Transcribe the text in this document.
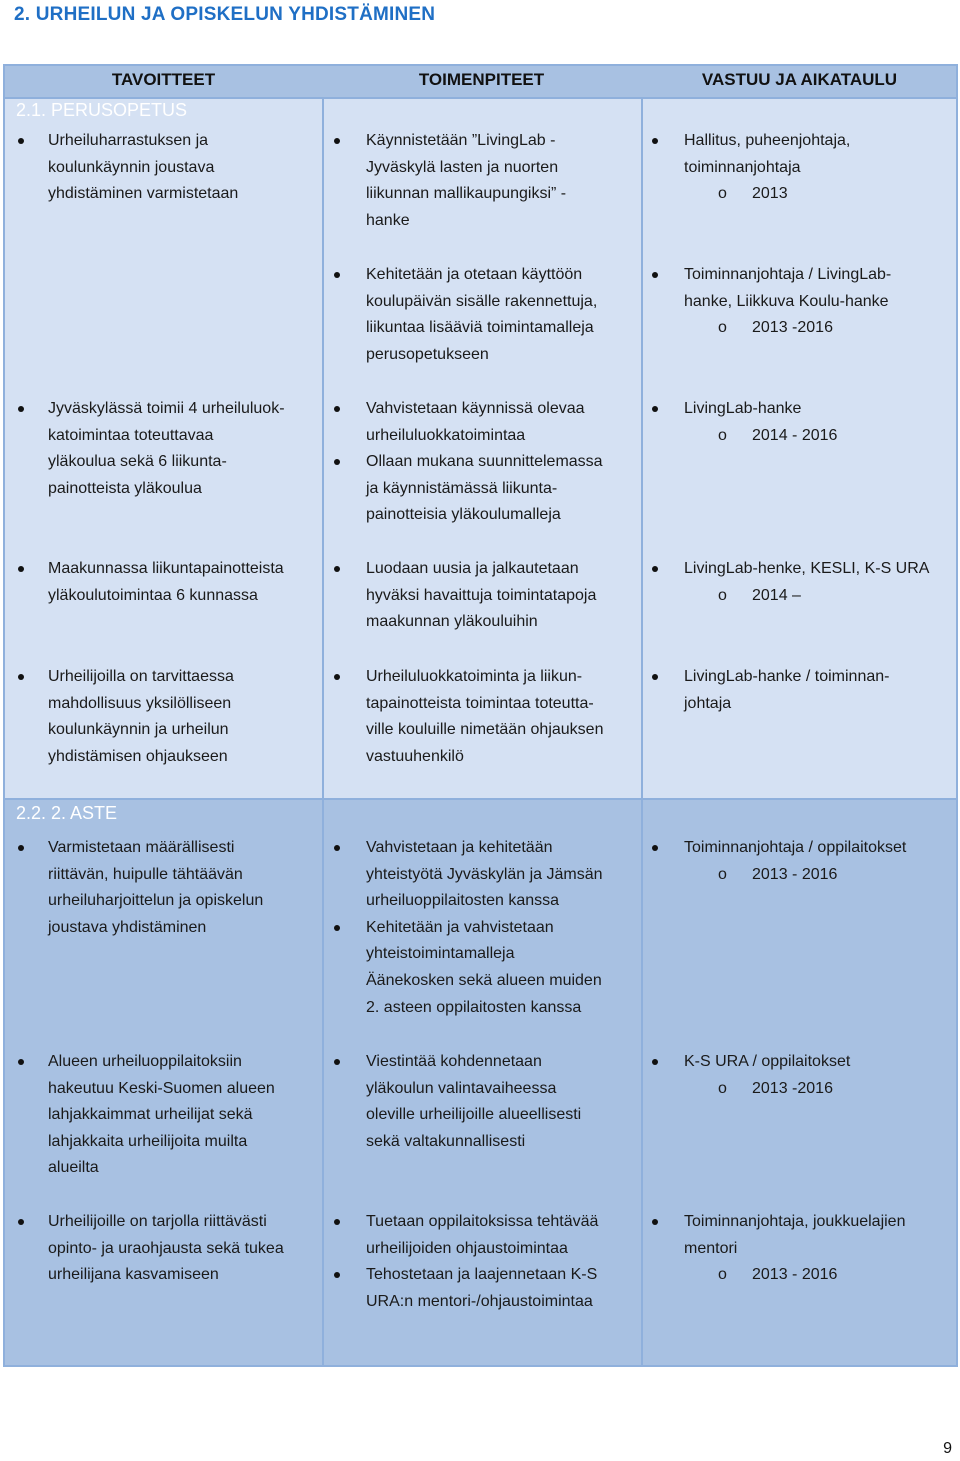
2. URHEILUN JA OPISKELUN YHDISTÄMINEN
TAVOITTEET	TOIMENPITEET	VASTUU JA AIKATAULU
2.1. PERUSOPETUS
2.2. 2. ASTE
Urheiluharrastuksen ja
koulunkäynnin joustava
yhdistäminen varmistetaan
Käynnistetään ”LivingLab -
Jyväskylä lasten ja nuorten
liikunnan mallikaupungiksi” -
hanke
Hallitus, puheenjohtaja,
toiminnanjohtaja
o 2013
Kehitetään ja otetaan käyttöön
koulupäivän sisälle rakennettuja,
liikuntaa lisääviä toimintamalleja
perusopetukseen
Toiminnanjohtaja / LivingLab-
hanke, Liikkuva Koulu-hanke
o 2013 -2016
Jyväskylässä toimii 4 urheiluluok-
katoimintaa toteuttavaa
yläkoulua sekä 6 liikunta-
painotteista yläkoulua
Vahvistetaan käynnissä olevaa
urheiluluokkatoimintaa
Ollaan mukana suunnittelemassa
ja käynnistämässä liikunta-
painotteisia yläkoulumalleja
LivingLab-hanke
o 2014 - 2016
Maakunnassa liikuntapainotteista
yläkoulutoimintaa 6 kunnassa
Luodaan uusia ja jalkautetaan
hyväksi havaittuja toimintatapoja
maakunnan yläkouluihin
LivingLab-henke, KESLI, K-S URA
o 2014 –
Urheilijoilla on tarvittaessa
mahdollisuus yksilölliseen
koulunkäynnin ja urheilun
yhdistämisen ohjaukseen
Urheiluluokkatoiminta ja liikun-
tapainotteista toimintaa toteutta-
ville kouluille nimetään ohjauksen
vastuuhenkilö
LivingLab-hanke / toiminnan-
johtaja
Varmistetaan määrällisesti
riittävän, huipulle tähtäävän
urheiluharjoittelun ja opiskelun
joustava yhdistäminen
Vahvistetaan ja kehitetään
yhteistyötä Jyväskylän ja Jämsän
urheiluoppilaitosten kanssa
Kehitetään ja vahvistetaan
yhteistoimintamalleja
Äänekosken sekä alueen muiden
2. asteen oppilaitosten kanssa
Toiminnanjohtaja / oppilaitokset
o 2013 - 2016
Alueen urheiluoppilaitoksiin
hakeutuu Keski-Suomen alueen
lahjakkaimmat urheilijat sekä
lahjakkaita urheilijoita muilta
alueilta
Viestintää kohdennetaan
yläkoulun valintavaiheessa
oleville urheilijoille alueellisesti
sekä valtakunnallisesti
K-S URA / oppilaitokset
o 2013 -2016
Urheilijoille on tarjolla riittävästi
opinto- ja uraohjausta sekä tukea
urheilijana kasvamiseen
Tuetaan oppilaitoksissa tehtävää
urheilijoiden ohjaustoimintaa
Tehostetaan ja laajennetaan K-S
URA:n mentori-/ohjaustoimintaa
Toiminnanjohtaja, joukkuelajien
mentori
o 2013 - 2016
9
